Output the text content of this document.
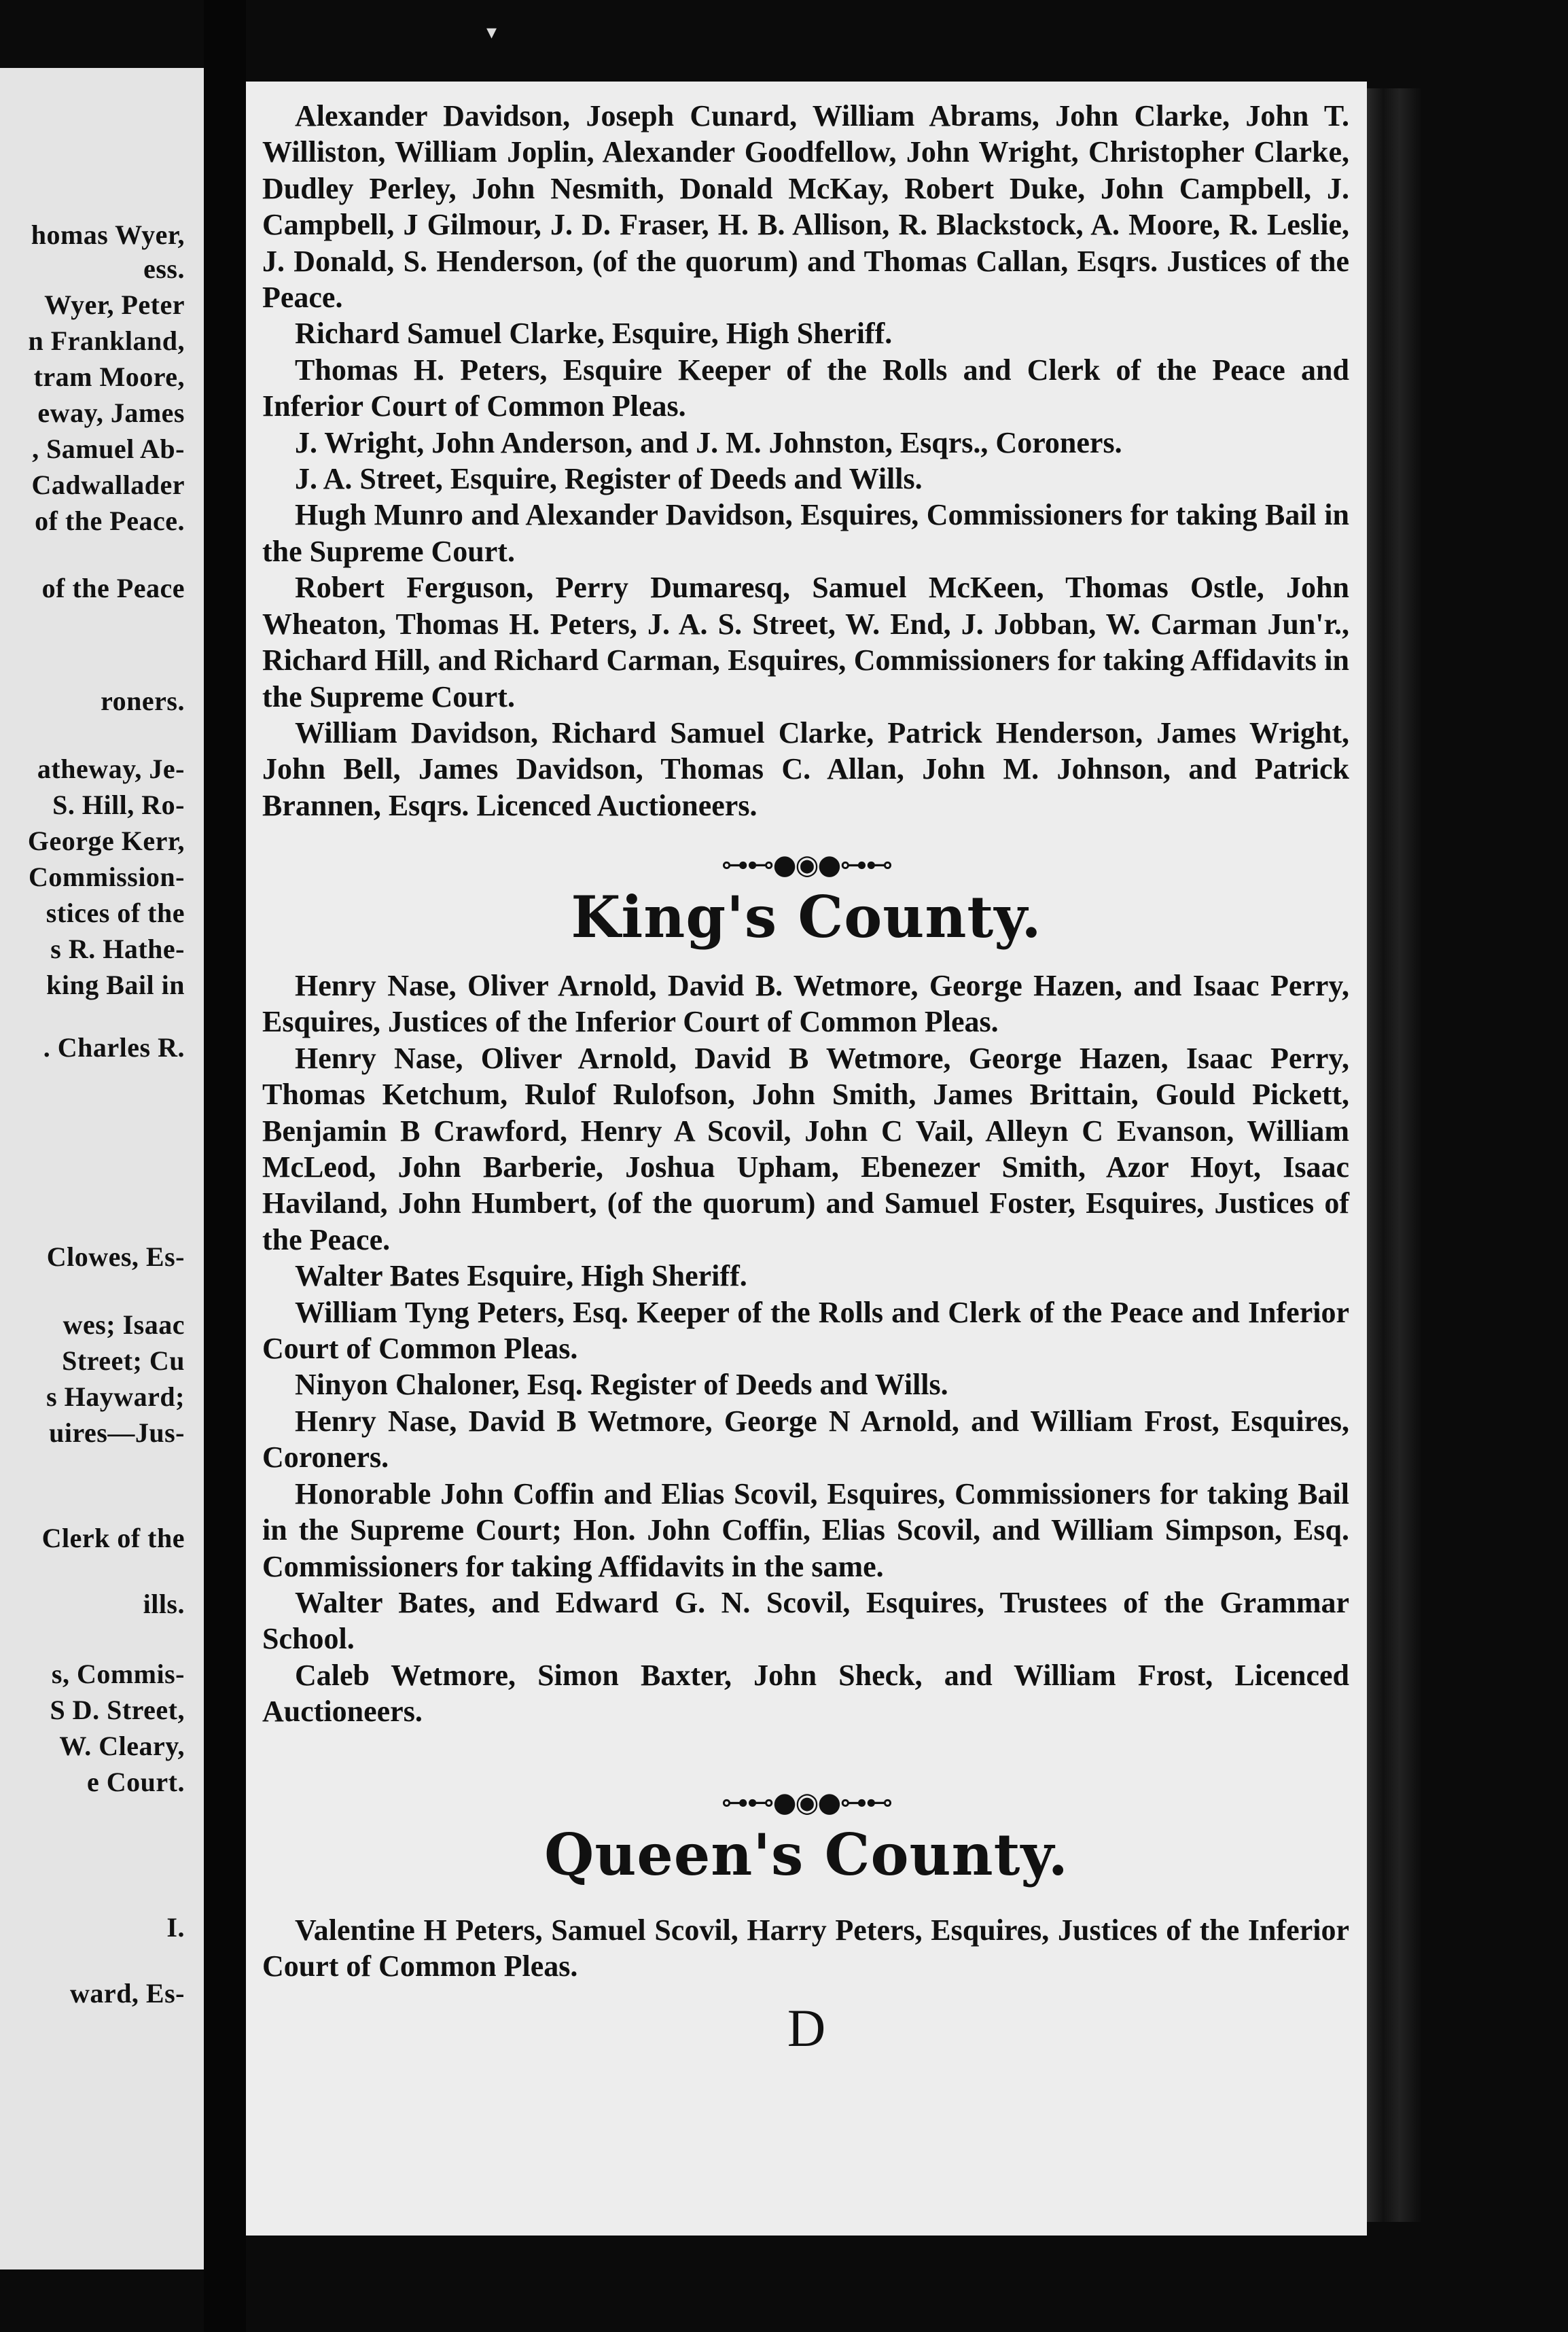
homas Wyer,
ess.
Wyer, Peter
n Frankland,
tram Moore,
eway, James
, Samuel Ab-
Cadwallader
of the Peace.
of the Peace
roners.
atheway, Je-
S. Hill, Ro-
George Kerr,
Commission-
stices of the
s R. Hathe-
king Bail in
. Charles R.
Clowes, Es-
wes; Isaac
Street; Cu
s Hayward;
uires—Jus-
Clerk of the
ills.
s, Commis-
S D. Street,
W. Cleary,
e Court.
I.
ward, Es-
▾

Alexander Davidson, Joseph Cunard, William Abrams, John Clarke, John T. Williston, William Joplin, Alexander Goodfellow, John Wright, Christopher Clarke, Dudley Perley, John Nesmith, Donald McKay, Robert Duke, John Campbell, J. Campbell, J Gilmour, J. D. Fraser, H. B. Allison, R. Blackstock, A. Moore, R. Leslie, J. Donald, S. Henderson, (of the quorum) and Thomas Callan, Esqrs. Justices of the Peace.

Richard Samuel Clarke, Esquire, High Sheriff.

Thomas H. Peters, Esquire Keeper of the Rolls and Clerk of the Peace and Inferior Court of Common Pleas.

J. Wright, John Anderson, and J. M. Johnston, Esqrs., Coroners.

J. A. Street, Esquire, Register of Deeds and Wills.

Hugh Munro and Alexander Davidson, Esquires, Commissioners for taking Bail in the Supreme Court.

Robert Ferguson, Perry Dumaresq, Samuel McKeen, Thomas Ostle, John Wheaton, Thomas H. Peters, J. A. S. Street, W. End, J. Jobban, W. Carman Jun'r., Richard Hill, and Richard Carman, Esquires, Commissioners for taking Affidavits in the Supreme Court.

William Davidson, Richard Samuel Clarke, Patrick Henderson, James Wright, John Bell, James Davidson, Thomas C. Allan, John M. Johnson, and Patrick Brannen, Esqrs. Licenced Auctioneers.

⊶⊷●◉●⊶⊷
King's County.

Henry Nase, Oliver Arnold, David B. Wetmore, George Hazen, and Isaac Perry, Esquires, Justices of the Inferior Court of Common Pleas.

Henry Nase, Oliver Arnold, David B Wetmore, George Hazen, Isaac Perry, Thomas Ketchum, Rulof Rulofson, John Smith, James Brittain, Gould Pickett, Benjamin B Crawford, Henry A Scovil, John C Vail, Alleyn C Evanson, William McLeod, John Barberie, Joshua Upham, Ebenezer Smith, Azor Hoyt, Isaac Haviland, John Humbert, (of the quorum) and Samuel Foster, Esquires, Justices of the Peace.

Walter Bates Esquire, High Sheriff.

William Tyng Peters, Esq. Keeper of the Rolls and Clerk of the Peace and Inferior Court of Common Pleas.

Ninyon Chaloner, Esq. Register of Deeds and Wills.

Henry Nase, David B Wetmore, George N Arnold, and William Frost, Esquires, Coroners.

Honorable John Coffin and Elias Scovil, Esquires, Commissioners for taking Bail in the Supreme Court; Hon. John Coffin, Elias Scovil, and William Simpson, Esq. Commissioners for taking Affidavits in the same.

Walter Bates, and Edward G. N. Scovil, Esquires, Trustees of the Grammar School.

Caleb Wetmore, Simon Baxter, John Sheck, and William Frost, Licenced Auctioneers.

⊶⊷●◉●⊶⊷
Queen's County.

Valentine H Peters, Samuel Scovil, Harry Peters, Esquires, Justices of the Inferior Court of Common Pleas.

D
